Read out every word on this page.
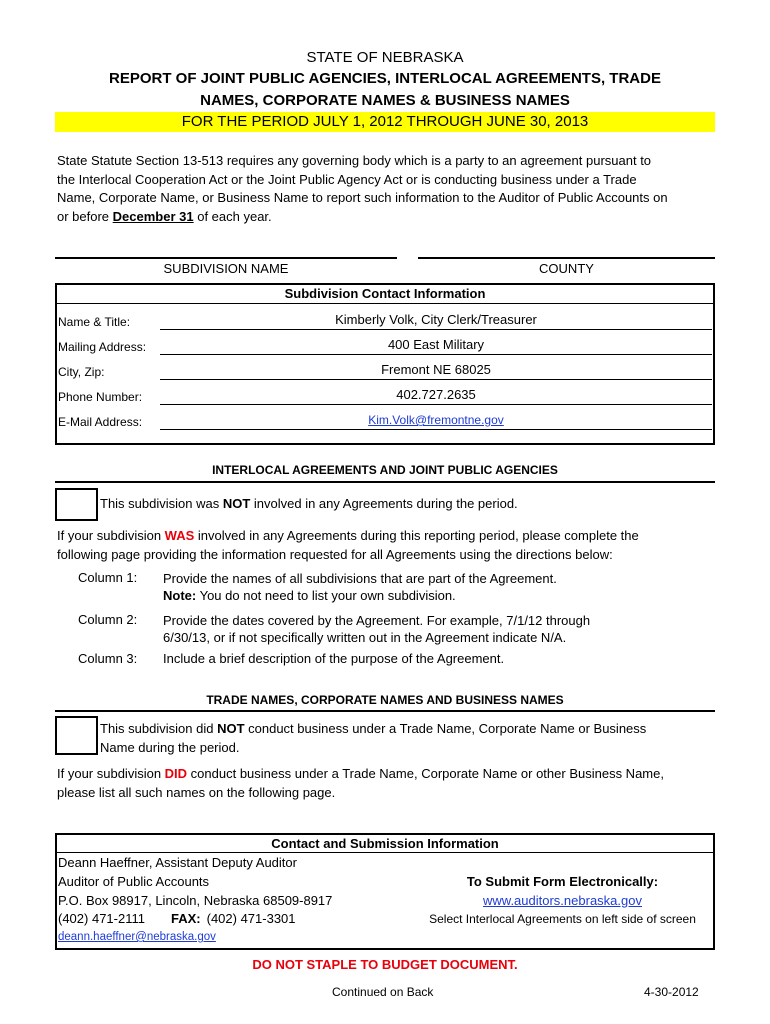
STATE OF NEBRASKA
REPORT OF JOINT PUBLIC AGENCIES, INTERLOCAL AGREEMENTS, TRADE
NAMES, CORPORATE NAMES & BUSINESS NAMES
FOR THE PERIOD JULY 1, 2012 THROUGH JUNE 30, 2013
State Statute Section 13-513 requires any governing body which is a party to an agreement pursuant to
the Interlocal Cooperation Act or the Joint Public Agency Act or is conducting business under a Trade
Name, Corporate Name, or Business Name to report such information to the Auditor of Public Accounts on
or before December 31 of each year.
SUBDIVISION NAME	COUNTY
Subdivision Contact Information
Name & Title:	Kimberly Volk, City Clerk/Treasurer
Mailing Address:	400 East Military
City, Zip:	Fremont NE 68025
Phone Number:	402.727.2635
E-Mail Address:	Kim.Volk@fremontne.gov
INTERLOCAL AGREEMENTS AND JOINT PUBLIC AGENCIES
This subdivision was NOT involved in any Agreements during the period.
If your subdivision WAS involved in any Agreements during this reporting period, please complete the
following page providing the information requested for all Agreements using the directions below:
Column 1: Provide the names of all subdivisions that are part of the Agreement.
Note: You do not need to list your own subdivision.
Column 2: Provide the dates covered by the Agreement. For example, 7/1/12 through
6/30/13, or if not specifically written out in the Agreement indicate N/A.
Column 3: Include a brief description of the purpose of the Agreement.
TRADE NAMES, CORPORATE NAMES AND BUSINESS NAMES
This subdivision did NOT conduct business under a Trade Name, Corporate Name or Business
Name during the period.
If your subdivision DID conduct business under a Trade Name, Corporate Name or other Business Name,
please list all such names on the following page.
Contact and Submission Information
Deann Haeffner, Assistant Deputy Auditor
Auditor of Public Accounts
P.O. Box 98917, Lincoln, Nebraska 68509-8917
(402) 471-2111 FAX: (402) 471-3301
deann.haeffner@nebraska.gov
To Submit Form Electronically:
www.auditors.nebraska.gov
Select Interlocal Agreements on left side of screen
DO NOT STAPLE TO BUDGET DOCUMENT.
Continued on Back	4-30-2012
